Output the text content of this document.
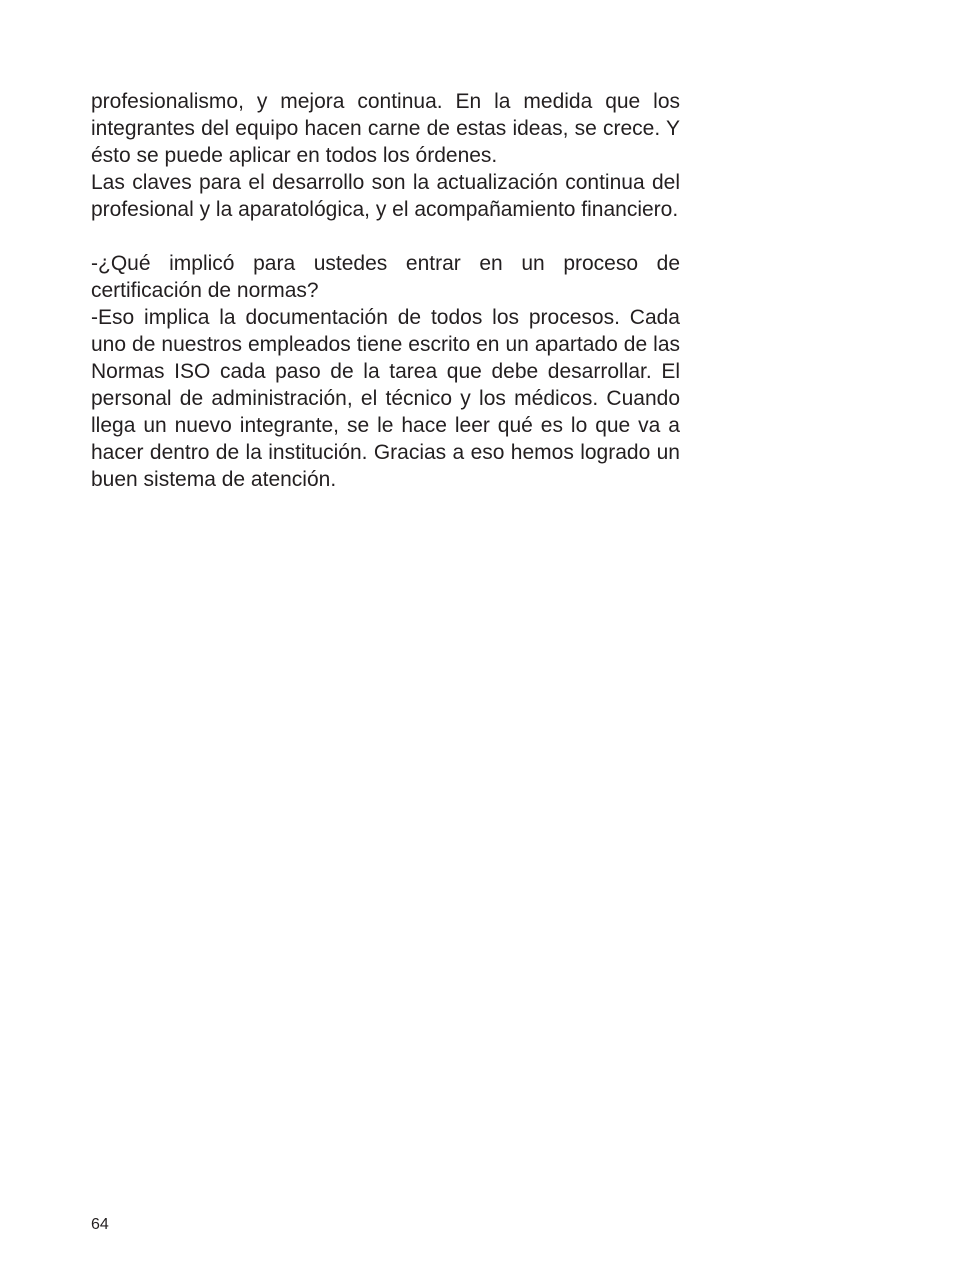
profesionalismo, y mejora continua. En la medida que los integrantes del equipo hacen carne de estas ideas, se crece. Y ésto se puede aplicar en todos los órdenes.

Las claves para el desarrollo son la actualización continua del profesional y la aparatológica, y el acompañamiento financiero.

-¿Qué implicó para ustedes entrar en un proceso de certificación de normas?

-Eso implica la documentación de todos los procesos. Cada uno de nuestros empleados tiene escrito en un apartado de las Normas ISO cada paso de la tarea que debe desarrollar. El personal de administración, el técnico y los médicos. Cuando llega un nuevo integrante, se le hace leer qué es lo que va a hacer dentro de la institución. Gracias a eso hemos logrado un buen sistema de atención.

64
